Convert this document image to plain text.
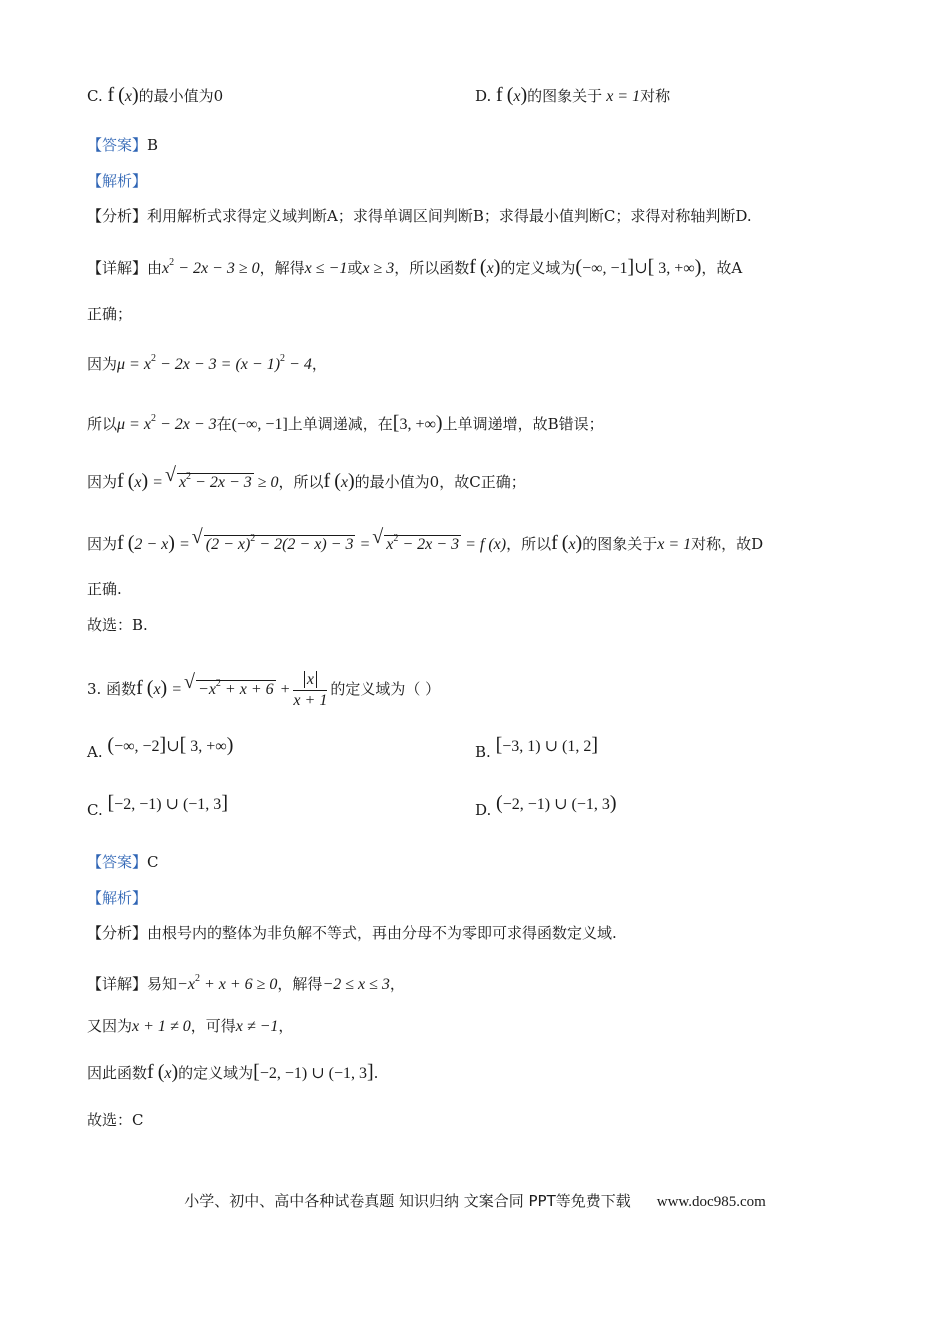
C. f (x)的最小值为0	D. f (x)的图象关于 x = 1对称
【答案】B
【解析】
【分析】利用解析式求得定义域判断A；求得单调区间判断B；求得最小值判断C；求得对称轴判断D.
【详解】由$x^2 - 2x - 3 \ge 0$，解得x ≤ −1或x ≥ 3，所以函数f (x)的定义域为(−∞, −1]∪[ 3, +∞)，故A
正确；
因为$\mu = x^2 - 2x - 3 = (x - 1)^2 - 4$，
所以$\mu = x^2 - 2x - 3$在(−∞, −1]上单调递减，在[3, +∞)上单调递增，故B错误；
因为f (x) = √ $x^2 - 2x - 3 \ge 0$，所以f (x)的最小值为0，故C正确；
因为f (2 − x) = √ $(2 - x)^2 - 2(2 - x) - 3$ = √ $x^2 - 2x - 3 = f$ (x)，所以f (x)的图象关于x = 1对称，故D
正确.
故选：B.
3. 函数f (x) = √ $-x^2 + x + 6 + \frac{x}{x + 1}$ 的定义域为（ ）
A. (−∞, −2]∪[ 3, +∞)	B. [−3, 1) ∪ (1, 2]
C. [−2, −1) ∪ (−1, 3]	D. (−2, −1) ∪ (−1, 3)
【答案】C
【解析】
【分析】由根号内的整体为非负解不等式，再由分母不为零即可求得函数定义域.
【详解】易知$-x^2 + x + 6 \ge 0$，解得−2 ≤ x ≤ 3，
又因为x + 1 ≠ 0，可得x ≠ −1，
因此函数f (x)的定义域为[−2, −1) ∪ (−1, 3].
故选：C
小学、初中、高中各种试卷真题 知识归纳 文案合同 PPT等免费下载 www.doc985.com
